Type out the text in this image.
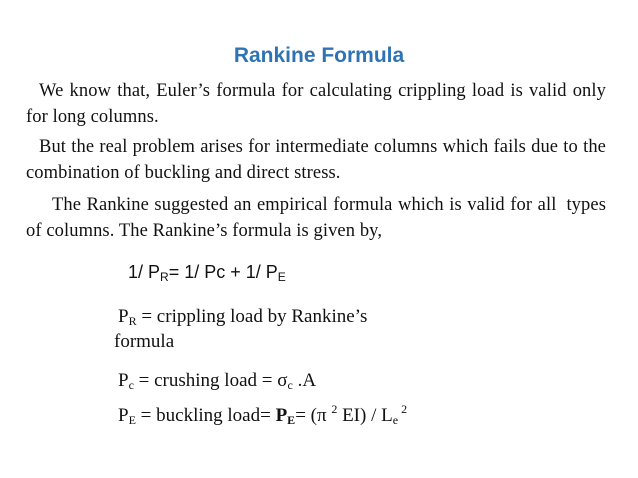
Rankine Formula

We know that, Euler’s formula for calculating crippling load is valid only for long columns.

But the real problem arises for intermediate columns which fails due to the combination of buckling and direct stress.

The Rankine suggested an empirical formula which is valid for all types of columns. The Rankine’s formula is given by,

1/ $P_R= 1/$ Pc + 1/ $P_E$

$P_R$ = crippling load by Rankine’s

formula

$P_c$ = crushing load = $\sigma_c$ .A

$P_E$ = buckling load= $P_E= (\pi$ $^2$ $EI) / L_e$ $^2$
